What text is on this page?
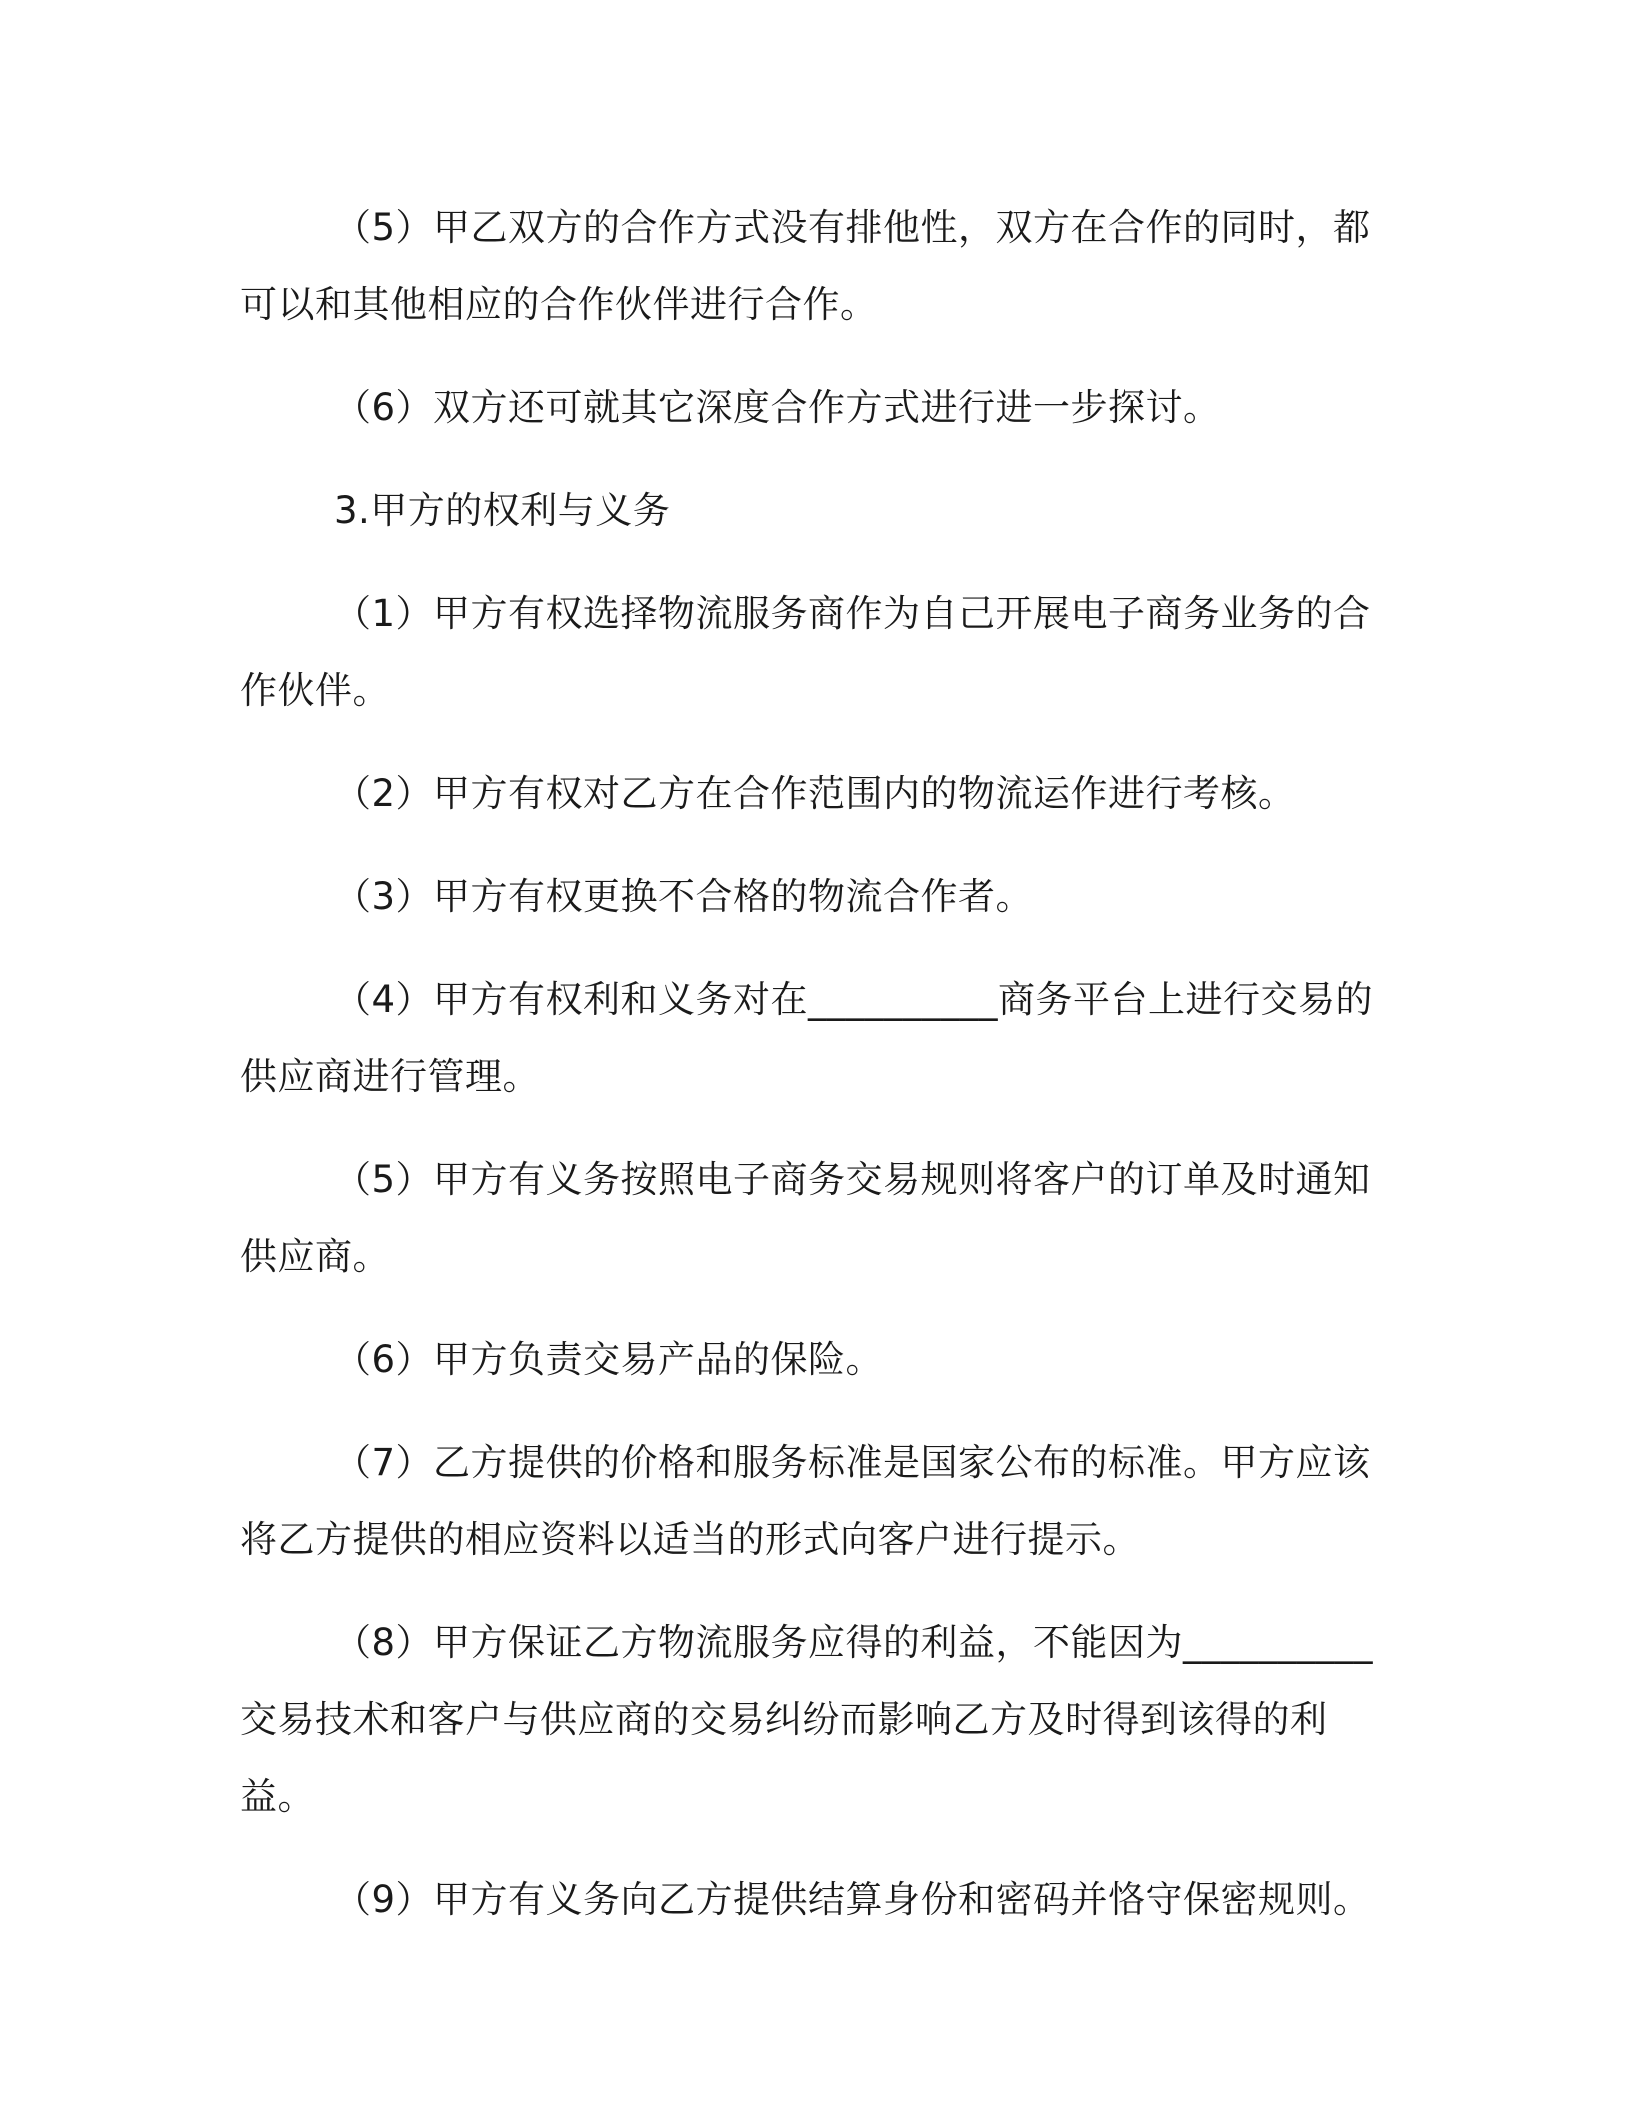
（5）甲乙双方的合作方式没有排他性，双方在合作的同时，都可以和其他相应的合作伙伴进行合作。

（6）双方还可就其它深度合作方式进行进一步探讨。

3.甲方的权利与义务

（1）甲方有权选择物流服务商作为自己开展电子商务业务的合作伙伴。

（2）甲方有权对乙方在合作范围内的物流运作进行考核。

（3）甲方有权更换不合格的物流合作者。

（4）甲方有权利和义务对在__________商务平台上进行交易的供应商进行管理。

（5）甲方有义务按照电子商务交易规则将客户的订单及时通知供应商。

（6）甲方负责交易产品的保险。

（7）乙方提供的价格和服务标准是国家公布的标准。甲方应该将乙方提供的相应资料以适当的形式向客户进行提示。

（8）甲方保证乙方物流服务应得的利益，不能因为__________交易技术和客户与供应商的交易纠纷而影响乙方及时得到该得的利益。

（9）甲方有义务向乙方提供结算身份和密码并恪守保密规则。
